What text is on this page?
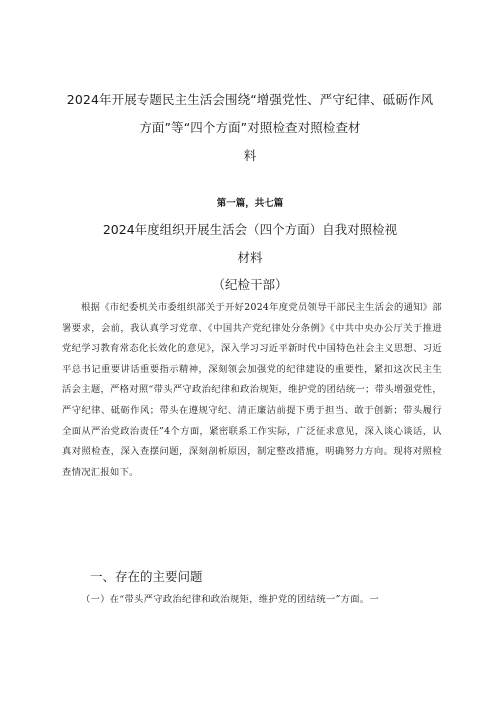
2024年开展专题民主生活会围绕“增强党性、严守纪律、砥砺作风
方面”等“四个方面”对照检查对照检查材
料
第一篇，共七篇
2024年度组织开展生活会（四个方面）自我对照检视
材料
（纪检干部）
根据《市纪委机关市委组织部关于开好2024年度党员领导干部民主生活会的通知》部署要求，会前，我认真学习党章、《中国共产党纪律处分条例》《中共中央办公厅关于推进党纪学习教育常态化长效化的意见》，深入学习习近平新时代中国特色社会主义思想、习近平总书记重要讲话重要指示精神，深刻领会加强党的纪律建设的重要性，紧扣这次民主生活会主题，严格对照“带头严守政治纪律和政治规矩，维护党的团结统一；带头增强党性，严守纪律、砥砺作风；带头在遵规守纪、清正廉洁前提下勇于担当、敢于创新；带头履行全面从严治党政治责任”4个方面，紧密联系工作实际，广泛征求意见，深入谈心谈话，认真对照检查，深入查摆问题，深刻剖析原因，制定整改措施，明确努力方向。现将对照检查情况汇报如下。
一、存在的主要问题
（一）在“带头严守政治纪律和政治规矩，维护党的团结统一”方面。一
